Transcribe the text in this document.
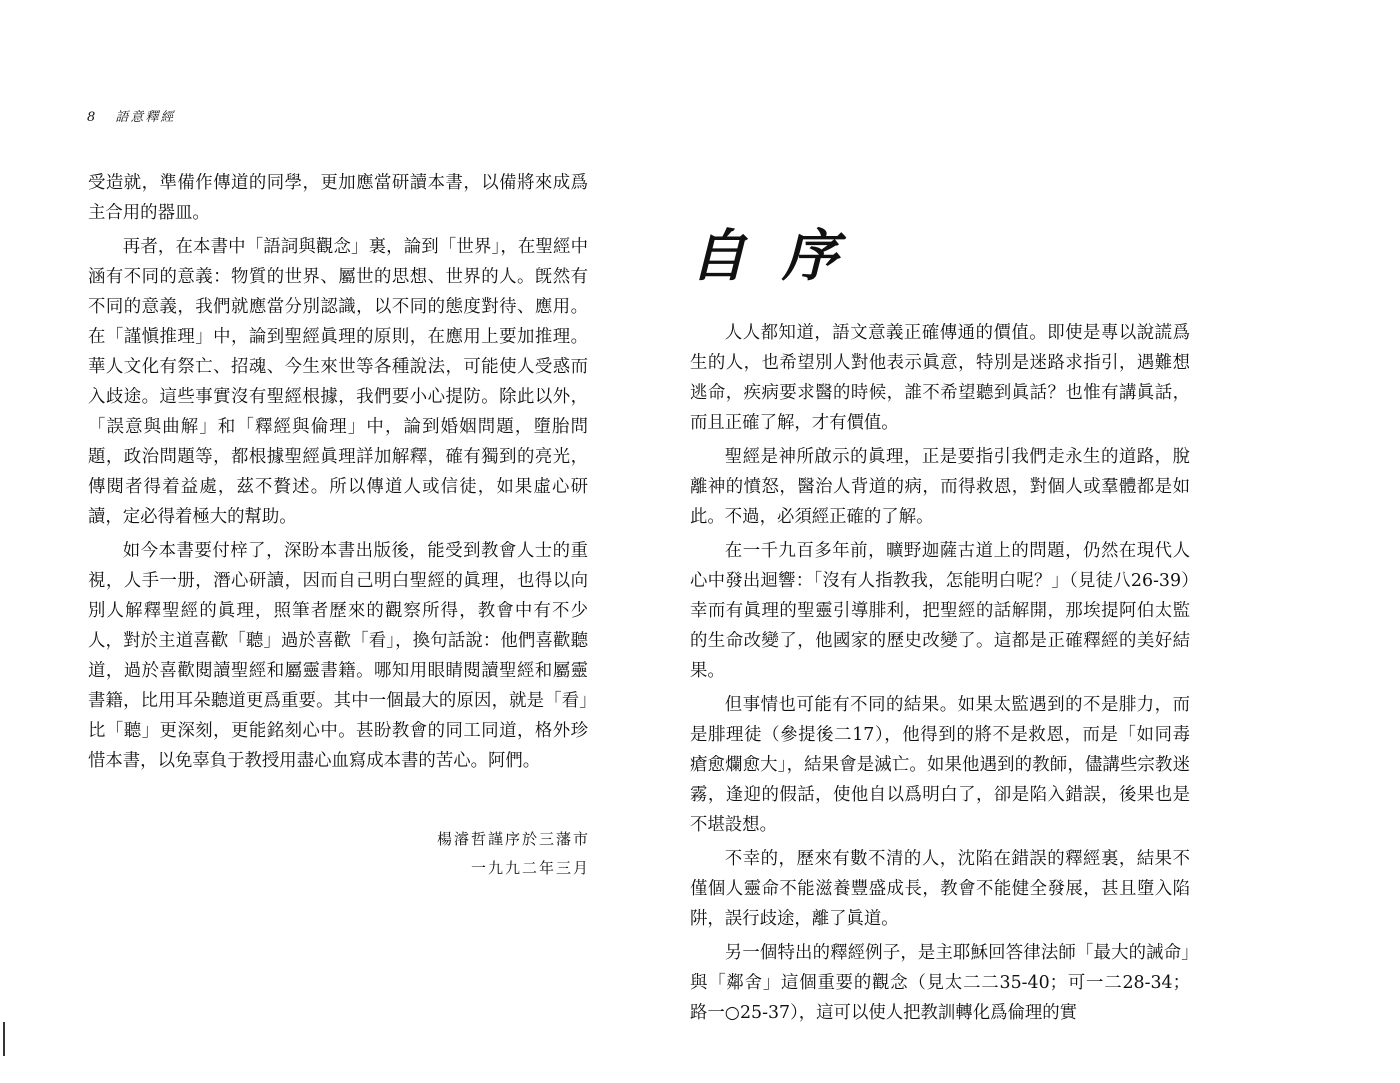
8 語意釋經

受造就，準備作傳道的同學，更加應當研讀本書，以備將來成爲主合用的器皿。

再者，在本書中「語詞與觀念」裏，論到「世界」，在聖經中涵有不同的意義：物質的世界、屬世的思想、世界的人。旣然有不同的意義，我們就應當分別認識，以不同的態度對待、應用。在「謹愼推理」中，論到聖經眞理的原則，在應用上要加推理。華人文化有祭亡、招魂、今生來世等各種說法，可能使人受惑而入歧途。這些事實沒有聖經根據，我們要小心提防。除此以外，「誤意與曲解」和「釋經與倫理」中，論到婚姻問題，墮胎問題，政治問題等，都根據聖經眞理詳加解釋，確有獨到的亮光，傳閱者得着益處，茲不贅述。所以傳道人或信徒，如果虛心研讀，定必得着極大的幫助。

如今本書要付梓了，深盼本書出版後，能受到教會人士的重視，人手一册，潛心研讀，因而自己明白聖經的眞理，也得以向別人解釋聖經的眞理，照筆者歷來的觀察所得，教會中有不少人，對於主道喜歡「聽」過於喜歡「看」，換句話說：他們喜歡聽道，過於喜歡閱讀聖經和屬靈書籍。哪知用眼睛閱讀聖經和屬靈書籍，比用耳朵聽道更爲重要。其中一個最大的原因，就是「看」比「聽」更深刻，更能銘刻心中。甚盼教會的同工同道，格外珍惜本書，以免辜負于教授用盡心血寫成本書的苦心。阿們。

楊濬哲謹序於三藩市
一九九二年三月
自序

人人都知道，語文意義正確傳通的價值。即使是專以說謊爲生的人，也希望別人對他表示眞意，特別是迷路求指引，遇難想逃命，疾病要求醫的時候，誰不希望聽到眞話？也惟有講眞話，而且正確了解，才有價值。

聖經是神所啟示的眞理，正是要指引我們走永生的道路，脫離神的憤怒，醫治人背道的病，而得救恩，對個人或羣體都是如此。不過，必須經正確的了解。

在一千九百多年前，曠野迦薩古道上的問題，仍然在現代人心中發出迴響：「沒有人指教我，怎能明白呢？」（見徒八26-39）幸而有眞理的聖靈引導腓利，把聖經的話解開，那埃提阿伯太監的生命改變了，他國家的歷史改變了。這都是正確釋經的美好結果。

但事情也可能有不同的結果。如果太監遇到的不是腓力，而是腓理徒（參提後二17），他得到的將不是救恩，而是「如同毒瘡愈爛愈大」，結果會是滅亡。如果他遇到的教師，儘講些宗教迷霧，逢迎的假話，使他自以爲明白了，卻是陷入錯誤，後果也是不堪設想。

不幸的，歷來有數不清的人，沈陷在錯誤的釋經裏，結果不僅個人靈命不能滋養豐盛成長，教會不能健全發展，甚且墮入陷阱，誤行歧途，離了眞道。

另一個特出的釋經例子，是主耶穌回答律法師「最大的誡命」與「鄰舍」這個重要的觀念（見太二二35-40；可一二28-34；路一○25-37），這可以使人把教訓轉化爲倫理的實
